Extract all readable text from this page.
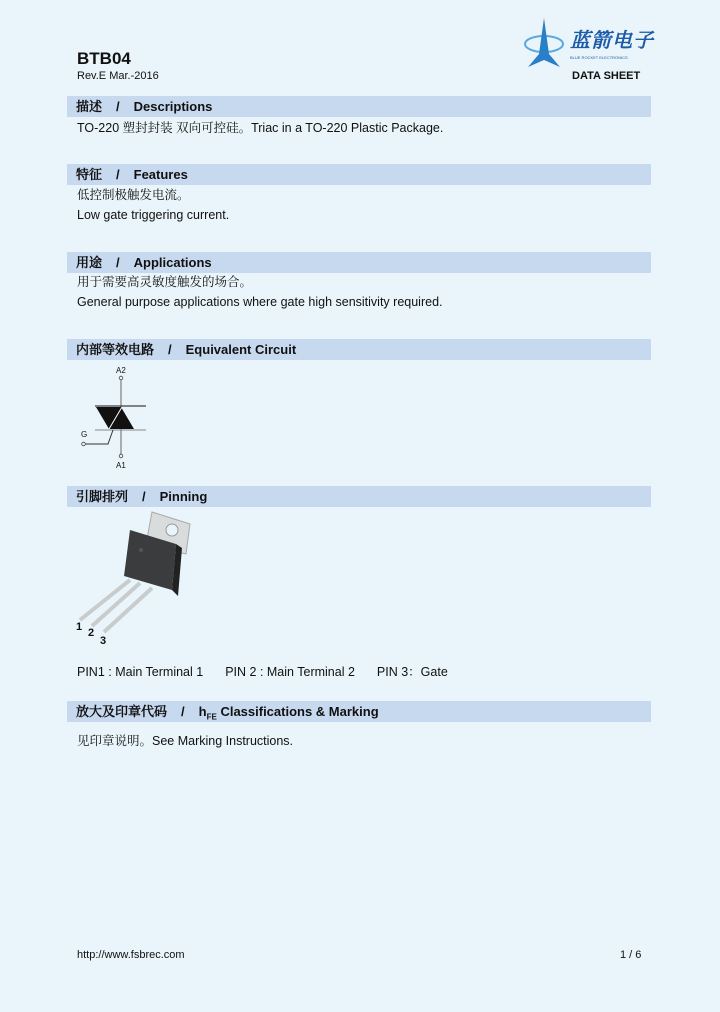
BTB04
Rev.E Mar.-2016
蓝箭电子
BLUE ROCKET ELECTRONICS
DATA SHEET
描述 / Descriptions
TO-220 塑封封装 双向可控硅。Triac in a TO-220 Plastic Package.
特征 / Features
低控制极触发电流。
Low gate triggering current.
用途 / Applications
用于需要高灵敏度触发的场合。
General purpose applications where gate high sensitivity required.
内部等效电路 / Equivalent Circuit
A2
G
A1
引脚排列 / Pinning
1 2
3
PIN1 : Main Terminal 1 PIN 2 : Main Terminal 2 PIN 3：Gate
放大及印章代码 / $h_{FE}$ Classifications & Marking
见印章说明。See Marking Instructions.
http://www.fsbrec.com	1 / 6
